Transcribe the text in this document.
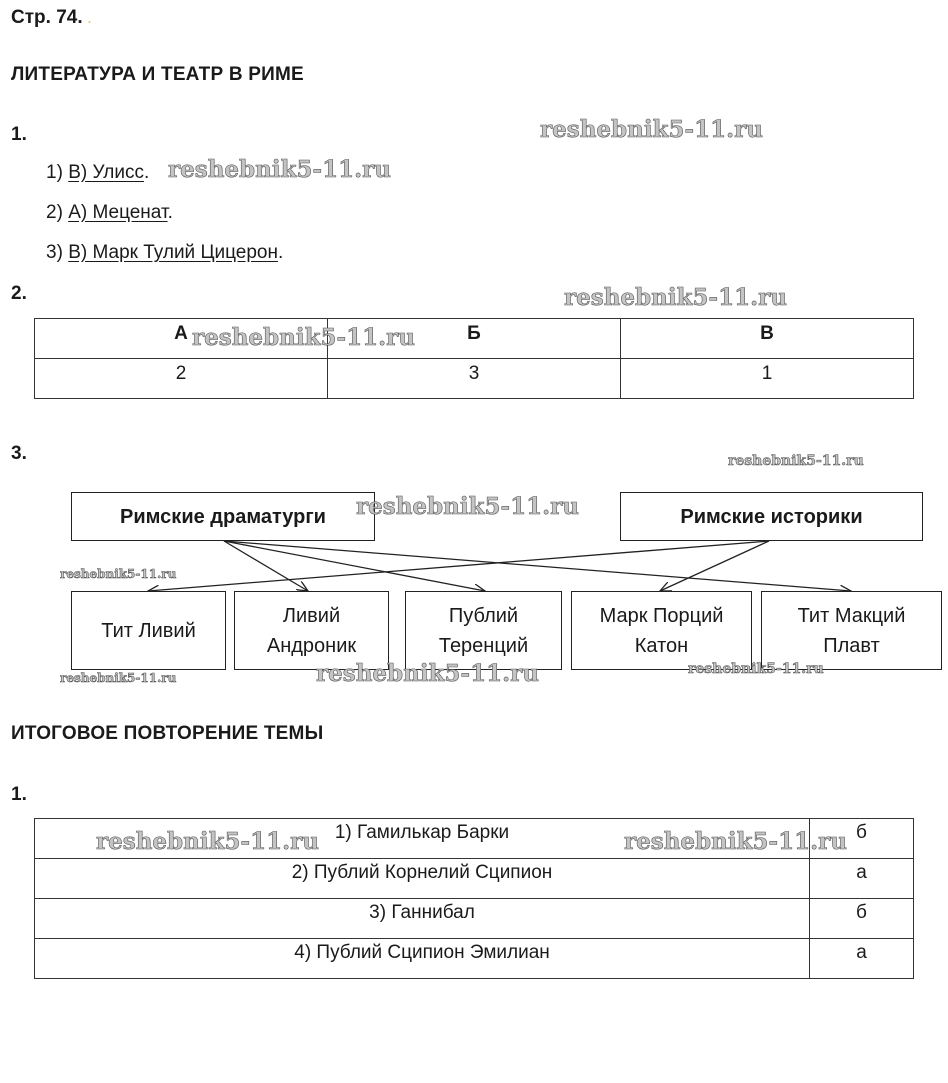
Стр. 74. .
ЛИТЕРАТУРА И ТЕАТР В РИМЕ
1.
1) В) Улисс.
2) А) Меценат.
3) В) Марк Тулий Цицерон.
2.
А	Б	В
2	3	1
3.
Римские драматурги	Римские историки
Тит Ливий

Ливий
Андроник
Публий
Теренций
Марк Порций
Катон
Тит Макций
Плавт
ИТОГОВОЕ ПОВТОРЕНИЕ ТЕМЫ
1.
1) Гамилькар Барки	б
2) Публий Корнелий Сципион	а
3) Ганнибал	б
4) Публий Сципион Эмилиан	а
reshebnik5-11.ru
reshebnik5-11.ru
reshebnik5-11.ru
reshebnik5-11.ru
reshebnik5-11.ru
reshebnik5-11.ru
reshebnik5-11.ru
reshebnik5-11.ru	reshebnik5-11.ru	reshebnik5-11.ru
reshebnik5-11.ru	reshebnik5-11.ru
